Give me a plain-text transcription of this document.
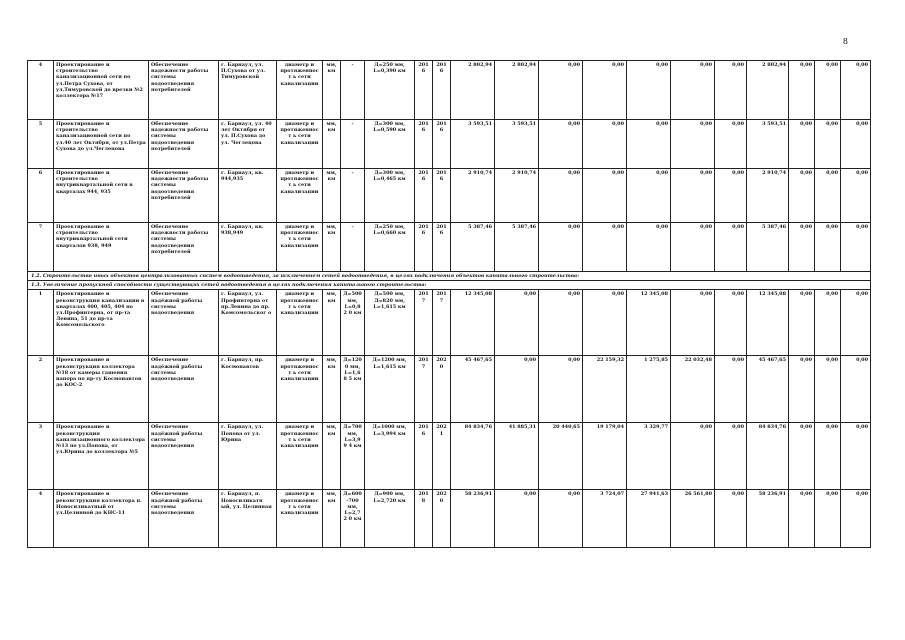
8
4	Проектирование и строительство канализационной сети по ул.Петра Сухова, от ул.Тимуровской до врезки №2 коллектора №17	Обеспечение надежности работы системы водоотведения потребителей	г. Барнаул, ул. П.Сухова от ул. Тимуровской	диаметр и протяженност ь сети канализации	мм, км	-	Д=250 мм, L=0,390 км	2016	2016	2 802,94	2 802,94	0,00	0,00	0,00	0,00	0,00	2 802,94	0,00	0,00	0,00
5	Проектирование и строительство канализационной сети по ул.40 лет Октября, от ул.Петра Сухова до ул.Чеглецова	Обеспечение надежности работы системы водоотведения потребителей	г. Барнаул, ул. 40 лет Октября от ул. П.Сухова до ул. Чеглецова	диаметр и протяженност ь сети канализации	мм, км	-	Д=300 мм, L=0,590 км	2016	2016	3 593,51	3 593,51	0,00	0,00	0,00	0,00	0,00	3 593,51	0,00	0,00	0,00
6	Проектирование и строительство внутриквартальной сети в кварталах 944, 935	Обеспечение надежности работы системы водоотведения потребителей	г. Барнаул, кв. 944,935	диаметр и протяженност ь сети канализации	мм, км	-	Д=300 мм, L=0,465 км	2016	2016	2 910,74	2 910,74	0,00	0,00	0,00	0,00	0,00	2 910,74	0,00	0,00	0,00
7	Проектирование и строительство внутриквартальной сети кварталов 938, 949	Обеспечение надежности работы системы водоотведения потребителей	г. Барнаул, кв. 938,949	диаметр и протяженност ь сети канализации	мм, км	-	Д=250 мм, L=0,660 км	2016	2016	5 387,46	5 387,46	0,00	0,00	0,00	0,00	0,00	5 387,46	0,00	0,00	0,00
1.2. Строительство иных объектов централизованных систем водоотведения, за исключением сетей водоотведения, в целях подключения объектов капитального строительства:																				
1.3. Увеличение пропускной способности существующих сетей водоотведения в целях подключения капитального строительства:																				
1	Проектирование и реконструкция канализации в кварталах 400, 405, 404 по ул.Профинтерна, от пр-та Ленина, 51 до пр-та Комсомольского	Обеспечение надёжной работы системы водоотведения	г. Барнаул, ул. Профинтерна от пр.Ленина до пр. Комсомольског о	диаметр и протяженност ь сети канализации	мм, км	Д=500 мм, L=0,82 0 км	Д=500 мм, Д=820 мм, L=1,615 км	2017	2017	12 345,08	0,00	0,00	0,00	12 345,08	0,00	0,00	12 345,08	0,00	0,00	0,00
2	Проектирование и реконструкция коллектора №18 от камеры гашения напора по пр-ту Космонавтов до КОС-2	Обеспечение надёжной работы системы водоотведения	г. Барнаул, пр. Космонавтов	диаметр и протяженност ь сети канализации	мм, км	Д=1200 мм, L=1,68 5 км	Д=1200 мм, L=1,615 км	2017	2020	45 467,65	0,00	0,00	22 159,32	1 275,85	22 032,48	0,00	45 467,65	0,00	0,00	0,00
3	Проектирование и реконструкция канализационного коллектора №13 по ул.Попова, от ул.Юрина до коллектора №5	Обеспечение надёжной работы системы водоотведения	г. Барнаул, ул. Попова от ул. Юрина	диаметр и протяженност ь сети канализации	мм, км	Д=700 мм, L=3,99 4 км	Д=1000 мм, L=3,994 км	2016	2021	84 834,76	41 885,31	20 440,65	19 179,04	3 329,77	0,00	0,00	84 834,76	0,00	0,00	0,00
4	Проектирование и реконструкция коллектора п. Новосиликатный от ул.Целинной до КНС-11	Обеспечение надёжной работы системы водоотведения	г. Барнаул, п. Новосиликатн ый, ул. Целинная	диаметр и протяженност ь сети канализации	мм, км	Д=600-700 мм, L=2,72 0 км	Д=900 мм, L=2,720 км	2018	2020	58 236,91	0,00	0,00	3 724,07	27 941,63	26 561,80	0,00	58 236,91	0,00	0,00	0,00
